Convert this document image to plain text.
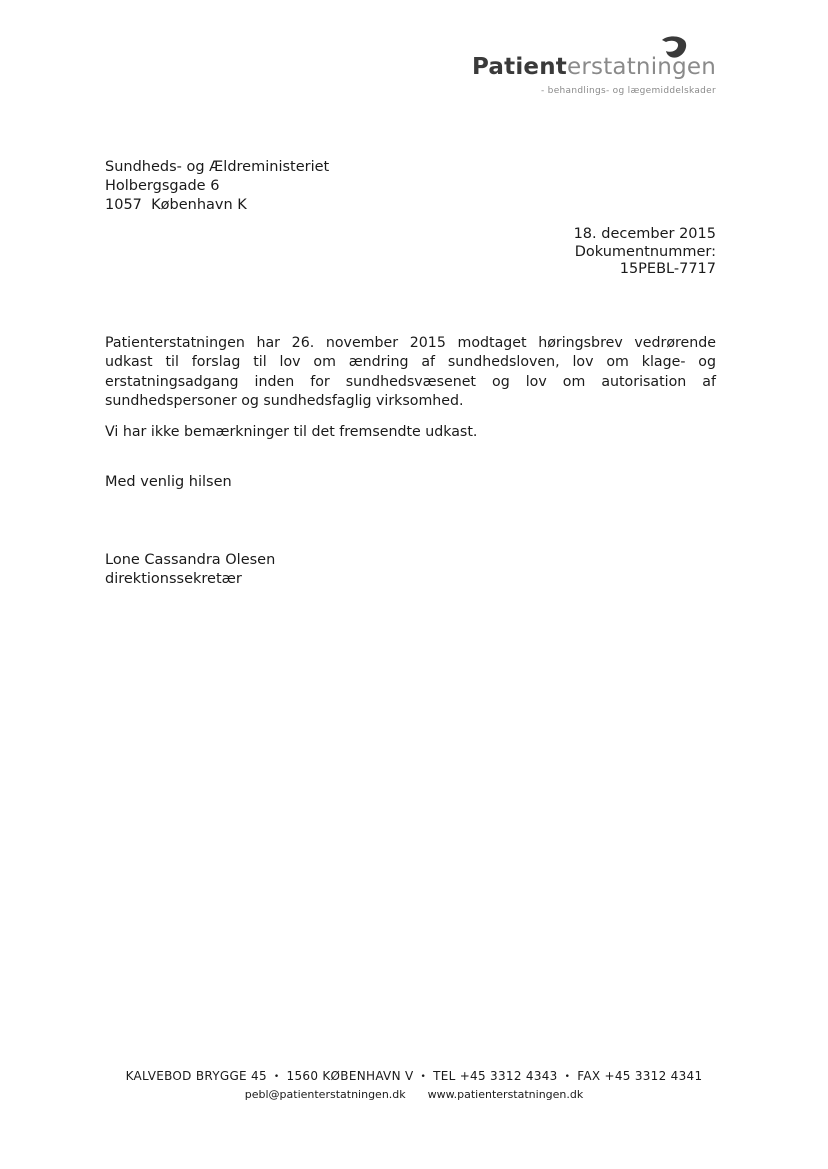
Patienterstatningen
- behandlings- og lægemiddelskader
Sundheds- og Ældreministeriet
Holbergsgade 6
1057  København K
18. december 2015
Dokumentnummer:
15PEBL-7717

Patienterstatningen har 26. november 2015 modtaget høringsbrev vedrørende udkast til forslag til lov om ændring af sundhedsloven, lov om klage- og erstatningsadgang inden for sundhedsvæsenet og lov om autorisation af sundhedspersoner og sundhedsfaglig virksomhed.

Vi har ikke bemærkninger til det fremsendte udkast.

Med venlig hilsen
Lone Cassandra Olesen
direktionssekretær
KALVEBOD BRYGGE 45 • 1560 KØBENHAVN V • TEL +45 3312 4343 • FAX +45 3312 4341
pebl@patienterstatningen.dk www.patienterstatningen.dk
